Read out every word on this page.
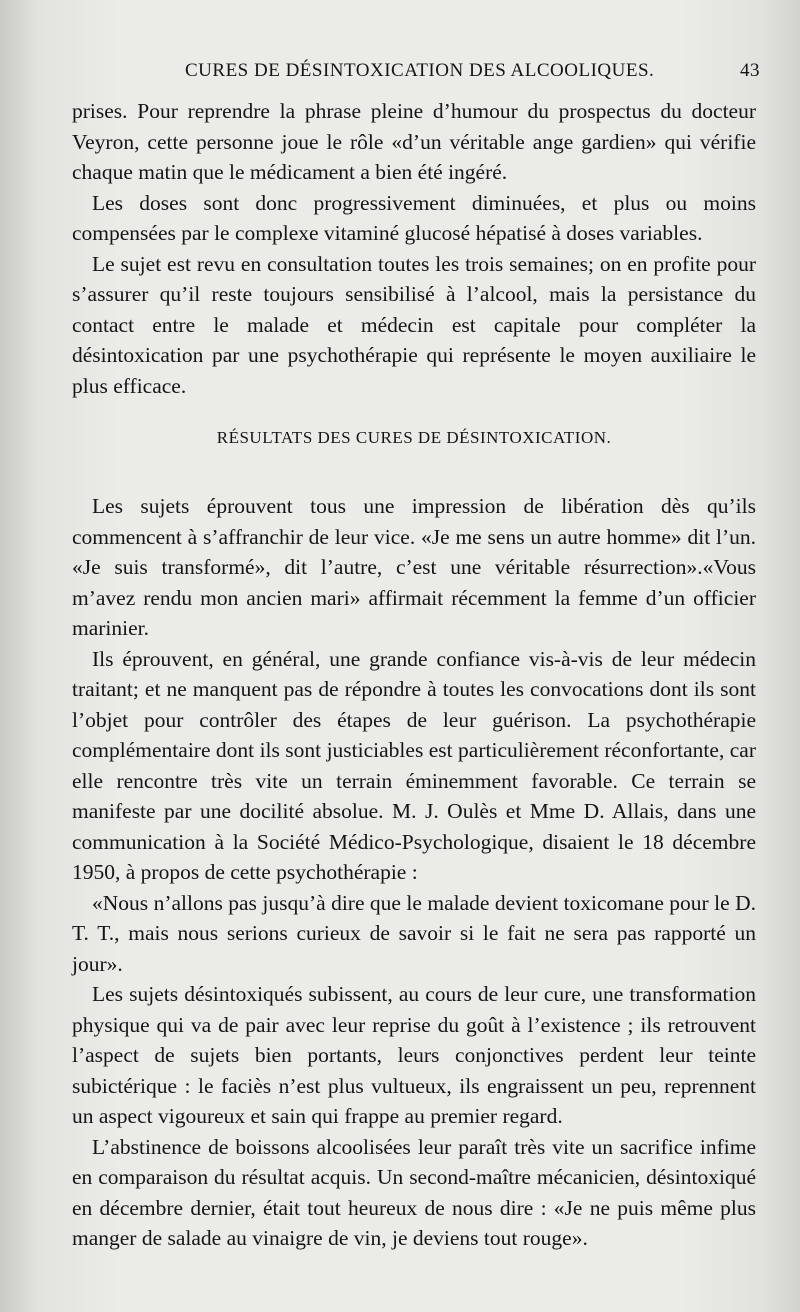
CURES DE DÉSINTOXICATION DES ALCOOLIQUES.	43

prises. Pour reprendre la phrase pleine d’humour du prospectus du docteur Veyron, cette personne joue le rôle «d’un véritable ange gardien» qui vérifie chaque matin que le médicament a bien été ingéré.

Les doses sont donc progressivement diminuées, et plus ou moins compensées par le complexe vitaminé glucosé hépatisé à doses variables.

Le sujet est revu en consultation toutes les trois semaines; on en profite pour s’assurer qu’il reste toujours sensibilisé à l’alcool, mais la persistance du contact entre le malade et médecin est capitale pour compléter la désintoxication par une psychothérapie qui représente le moyen auxiliaire le plus efficace.

RÉSULTATS DES CURES DE DÉSINTOXICATION.

Les sujets éprouvent tous une impression de libération dès qu’ils commencent à s’affranchir de leur vice. «Je me sens un autre homme» dit l’un. «Je suis transformé», dit l’autre, c’est une véritable résurrection».«Vous m’avez rendu mon ancien mari» affirmait récemment la femme d’un officier marinier.

Ils éprouvent, en général, une grande confiance vis-à-vis de leur médecin traitant; et ne manquent pas de répondre à toutes les convocations dont ils sont l’objet pour contrôler des étapes de leur guérison. La psychothérapie complémentaire dont ils sont justiciables est particulièrement réconfortante, car elle rencontre très vite un terrain éminemment favorable. Ce terrain se manifeste par une docilité absolue. M. J. Oulès et Mme D. Allais, dans une communication à la Société Médico-Psychologique, disaient le 18 décembre 1950, à propos de cette psychothérapie :

«Nous n’allons pas jusqu’à dire que le malade devient toxicomane pour le D. T. T., mais nous serions curieux de savoir si le fait ne sera pas rapporté un jour».

Les sujets désintoxiqués subissent, au cours de leur cure, une transformation physique qui va de pair avec leur reprise du goût à l’existence ; ils retrouvent l’aspect de sujets bien portants, leurs conjonctives perdent leur teinte subictérique : le faciès n’est plus vultueux, ils engraissent un peu, reprennent un aspect vigoureux et sain qui frappe au premier regard.

L’abstinence de boissons alcoolisées leur paraît très vite un sacrifice infime en comparaison du résultat acquis. Un second-maître mécanicien, désintoxiqué en décembre dernier, était tout heureux de nous dire : «Je ne puis même plus manger de salade au vinaigre de vin, je deviens tout rouge».
